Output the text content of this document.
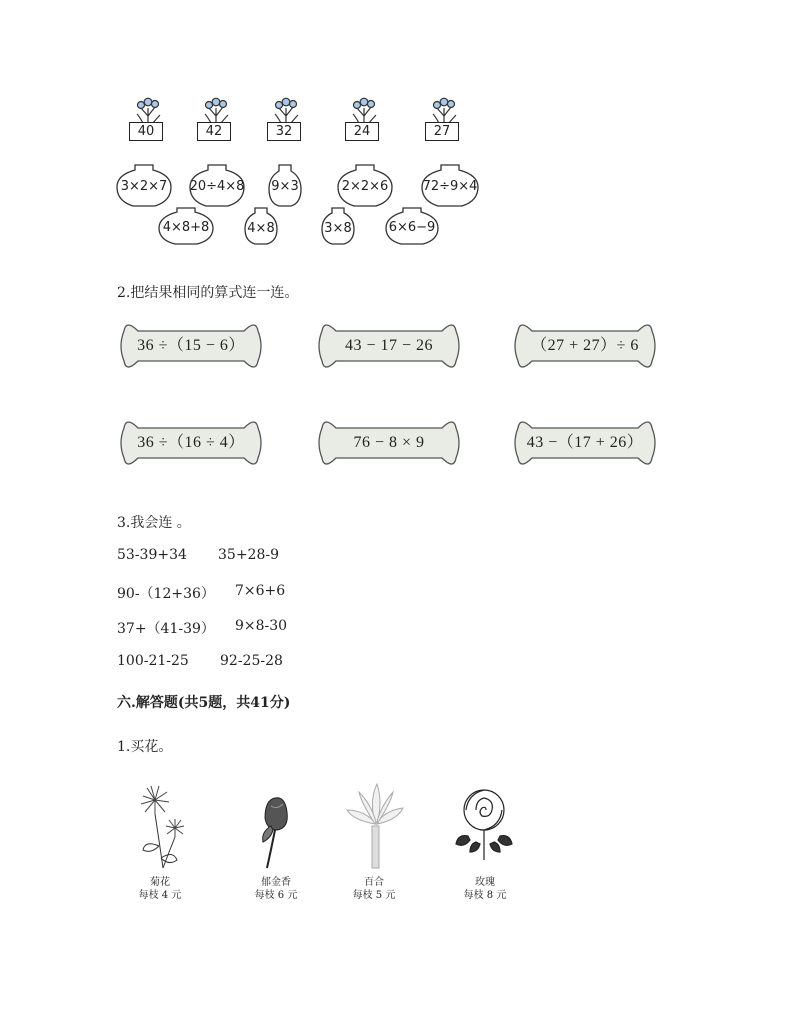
40	42	32	24	27
3×2×7	20÷4×8	9×3	2×2×6	72÷9×4
4×8+8	4×8	3×8	6×6−9
2.把结果相同的算式连一连。
36 ÷（15 − 6）	43 − 17 − 26	（27 + 27）÷ 6
36 ÷（16 ÷ 4）	76 − 8 × 9	43 −（17 + 26）
3.我会连 。
53-39+34 35+28-9
90-（12+36） 7×6+6
37+（41-39） 9×8-30
100-21-25 92-25-28
六.解答题(共5题，共41分)
1.买花。
菊花
每枝 4 元
郁金香
每枝 6 元
百合
每枝 5 元
玫瑰
每枝 8 元
